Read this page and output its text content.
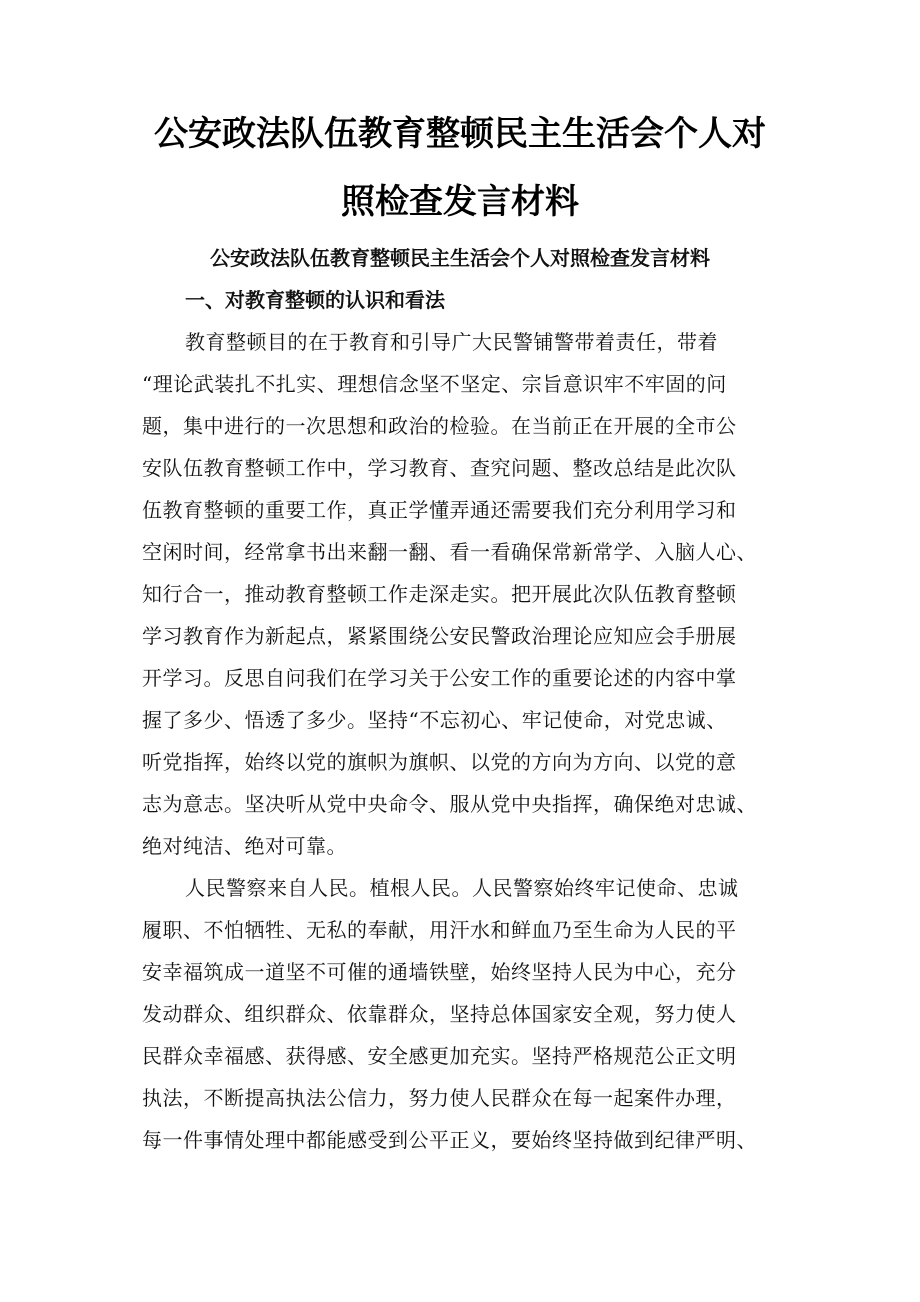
公安政法队伍教育整顿民主生活会个人对
照检查发言材料
公安政法队伍教育整顿民主生活会个人对照检查发言材料
一、对教育整顿的认识和看法

教育整顿目的在于教育和引导广大民警铺警带着责任，带着

“理论武装扎不扎实、理想信念坚不坚定、宗旨意识牢不牢固的问

题，集中进行的一次思想和政治的检验。在当前正在开展的全市公

安队伍教育整顿工作中，学习教育、查究问题、整改总结是此次队

伍教育整顿的重要工作，真正学懂弄通还需要我们充分利用学习和

空闲时间，经常拿书出来翻一翻、看一看确保常新常学、入脑人心、

知行合一，推动教育整顿工作走深走实。把开展此次队伍教育整顿

学习教育作为新起点，紧紧围绕公安民警政治理论应知应会手册展

开学习。反思自问我们在学习关于公安工作的重要论述的内容中掌

握了多少、悟透了多少。坚持“不忘初心、牢记使命，对党忠诚、

听党指挥，始终以党的旗帜为旗帜、以党的方向为方向、以党的意

志为意志。坚决听从党中央命令、服从党中央指挥，确保绝对忠诚、

绝对纯洁、绝对可靠。

人民警察来自人民。植根人民。人民警察始终牢记使命、忠诚

履职、不怕牺牲、无私的奉献，用汗水和鲜血乃至生命为人民的平

安幸福筑成一道坚不可催的通墙铁壁，始终坚持人民为中心，充分

发动群众、组织群众、依靠群众，坚持总体国家安全观，努力使人

民群众幸福感、获得感、安全感更加充实。坚持严格规范公正文明

执法，不断提高执法公信力，努力使人民群众在每一起案件办理，

每一件事情处理中都能感受到公平正义，要始终坚持做到纪律严明、
